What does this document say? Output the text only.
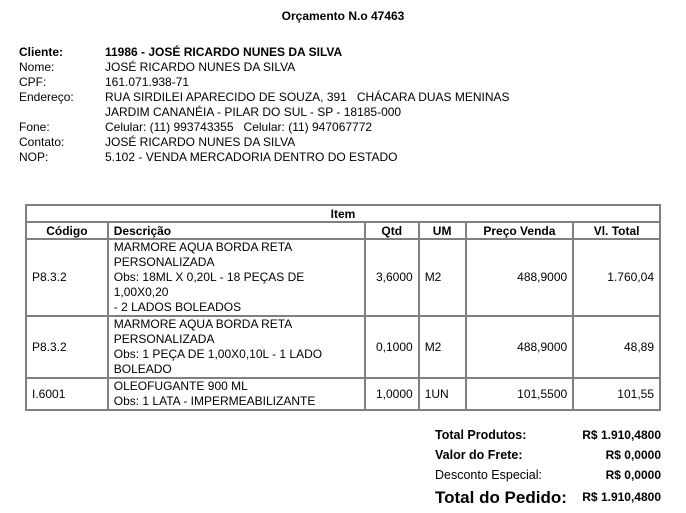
Orçamento N.o 47463
Cliente:	11986 - JOSÉ RICARDO NUNES DA SILVA
Nome:	JOSÉ RICARDO NUNES DA SILVA
CPF:	161.071.938-71
Endereço:	RUA SIRDILEI APARECIDO DE SOUZA, 391   CHÁCARA DUAS MENINAS
JARDIM CANANÉIA - PILAR DO SUL - SP - 18185-000
Fone:	Celular: (11) 993743355   Celular: (11) 947067772
Contato:	JOSÉ RICARDO NUNES DA SILVA
NOP:	5.102 - VENDA MERCADORIA DENTRO DO ESTADO
Item					
Código	Descrição	Qtd	UM	Preço Venda	Vl. Total
P8.3.2	MARMORE AQUA BORDA RETA
PERSONALIZADA
Obs: 18ML X 0,20L - 18 PEÇAS DE 1,00X0,20
- 2 LADOS BOLEADOS	3,6000	M2	488,9000	1.760,04
P8.3.2	MARMORE AQUA BORDA RETA
PERSONALIZADA
Obs: 1 PEÇA DE 1,00X0,10L - 1 LADO
BOLEADO	0,1000	M2	488,9000	48,89
I.6001	OLEOFUGANTE 900 ML
Obs: 1 LATA - IMPERMEABILIZANTE	1,0000	1UN	101,5500	101,55
Total Produtos:	R$ 1.910,4800
Valor do Frete:	R$ 0,0000
Desconto Especial:	R$ 0,0000
Total do Pedido: R$ 1.910,4800
